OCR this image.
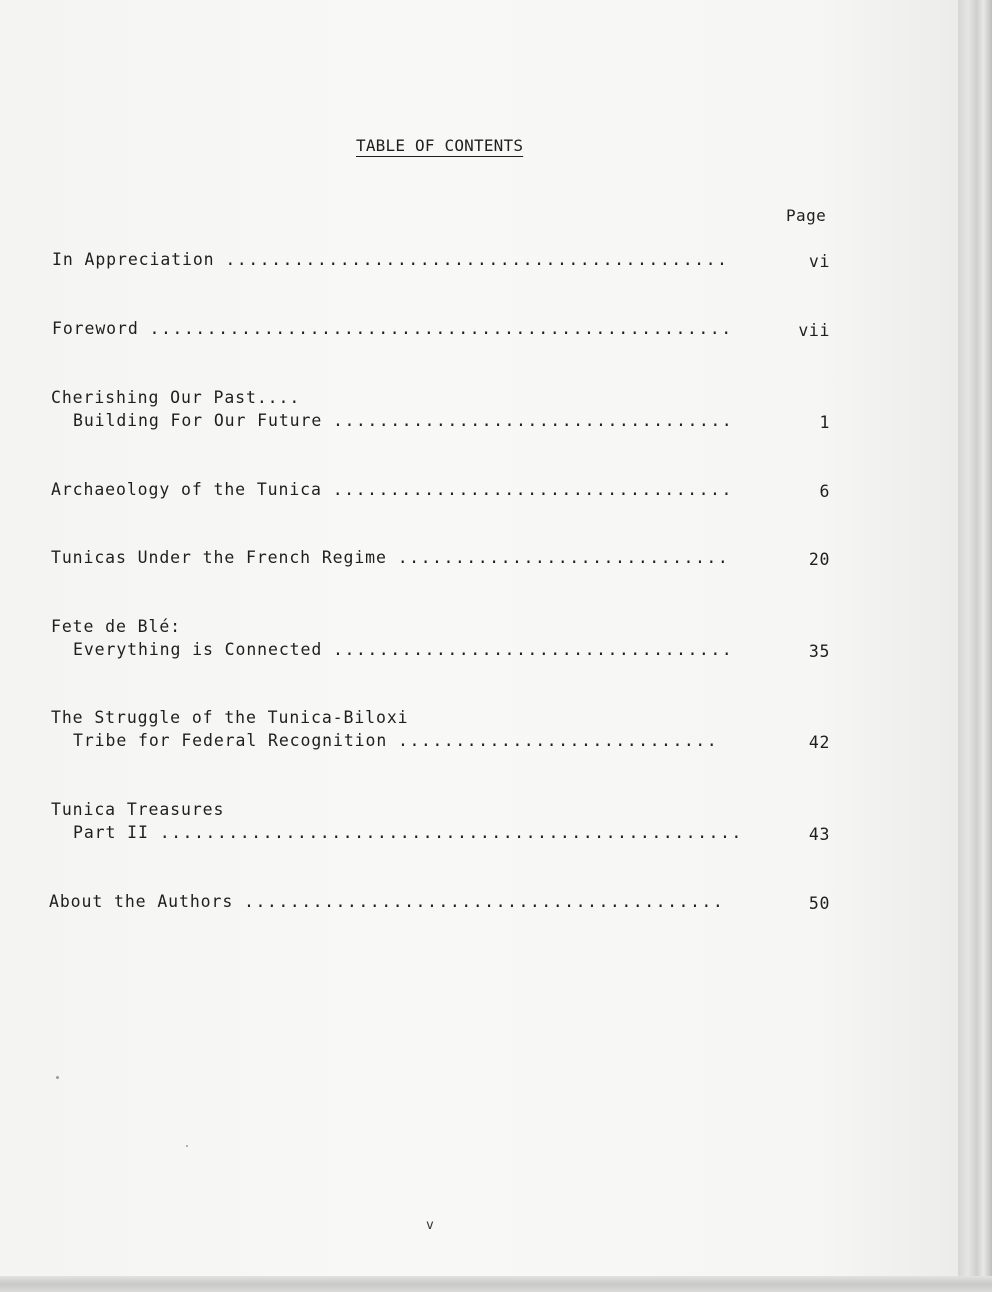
TABLE OF CONTENTS
Page
In Appreciation ............................................	vi
Foreword ...................................................	vii
Cherishing Our Past....
Building For Our Future ...................................	1
Archaeology of the Tunica ...................................	6
Tunicas Under the French Regime .............................	20
Fete de Blé:
Everything is Connected ...................................	35
The Struggle of the Tunica-Biloxi
Tribe for Federal Recognition ............................	42
Tunica Treasures
Part II ...................................................	43
About the Authors ..........................................	50
v
